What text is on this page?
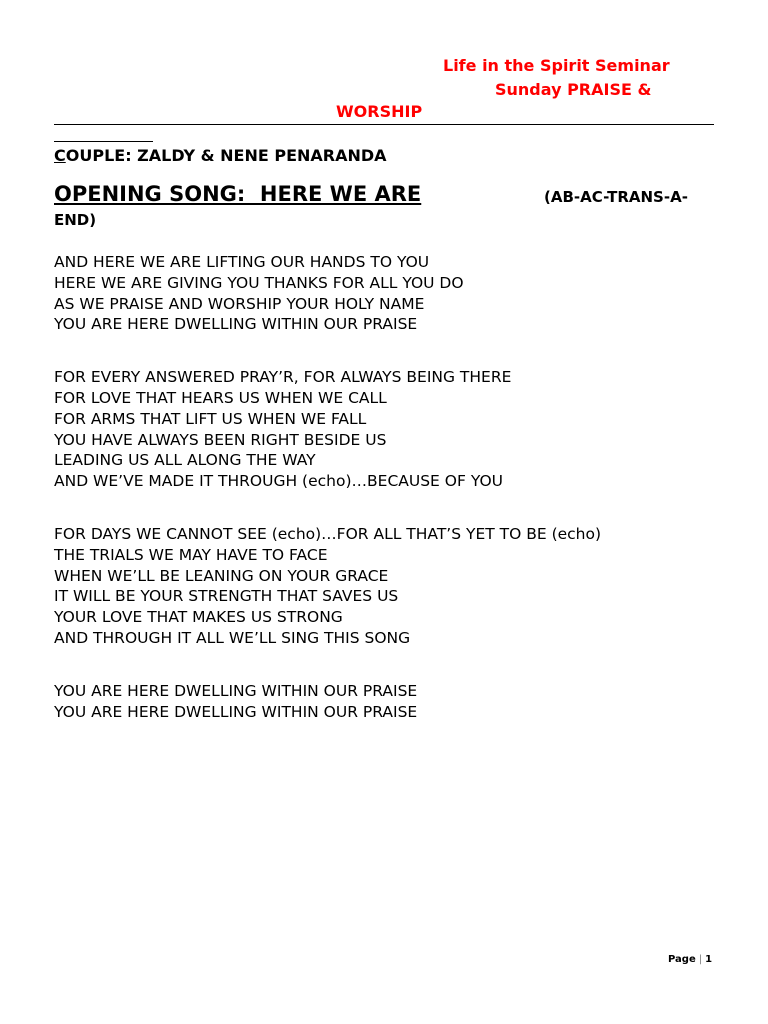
Life in the Spirit Seminar
Sunday PRAISE &
WORSHIP
COUPLE: ZALDY & NENE PENARANDA
OPENING SONG:  HERE WE ARE	(AB-AC-TRANS-A-
END)
AND HERE WE ARE LIFTING OUR HANDS TO YOU
HERE WE ARE GIVING YOU THANKS FOR ALL YOU DO
AS WE PRAISE AND WORSHIP YOUR HOLY NAME
YOU ARE HERE DWELLING WITHIN OUR PRAISE
FOR EVERY ANSWERED PRAY’R, FOR ALWAYS BEING THERE
FOR LOVE THAT HEARS US WHEN WE CALL
FOR ARMS THAT LIFT US WHEN WE FALL
YOU HAVE ALWAYS BEEN RIGHT BESIDE US
LEADING US ALL ALONG THE WAY
AND WE’VE MADE IT THROUGH (echo)…BECAUSE OF YOU
FOR DAYS WE CANNOT SEE (echo)…FOR ALL THAT’S YET TO BE (echo)
THE TRIALS WE MAY HAVE TO FACE
WHEN WE’LL BE LEANING ON YOUR GRACE
IT WILL BE YOUR STRENGTH THAT SAVES US
YOUR LOVE THAT MAKES US STRONG
AND THROUGH IT ALL WE’LL SING THIS SONG
YOU ARE HERE DWELLING WITHIN OUR PRAISE
YOU ARE HERE DWELLING WITHIN OUR PRAISE
Page | 1
